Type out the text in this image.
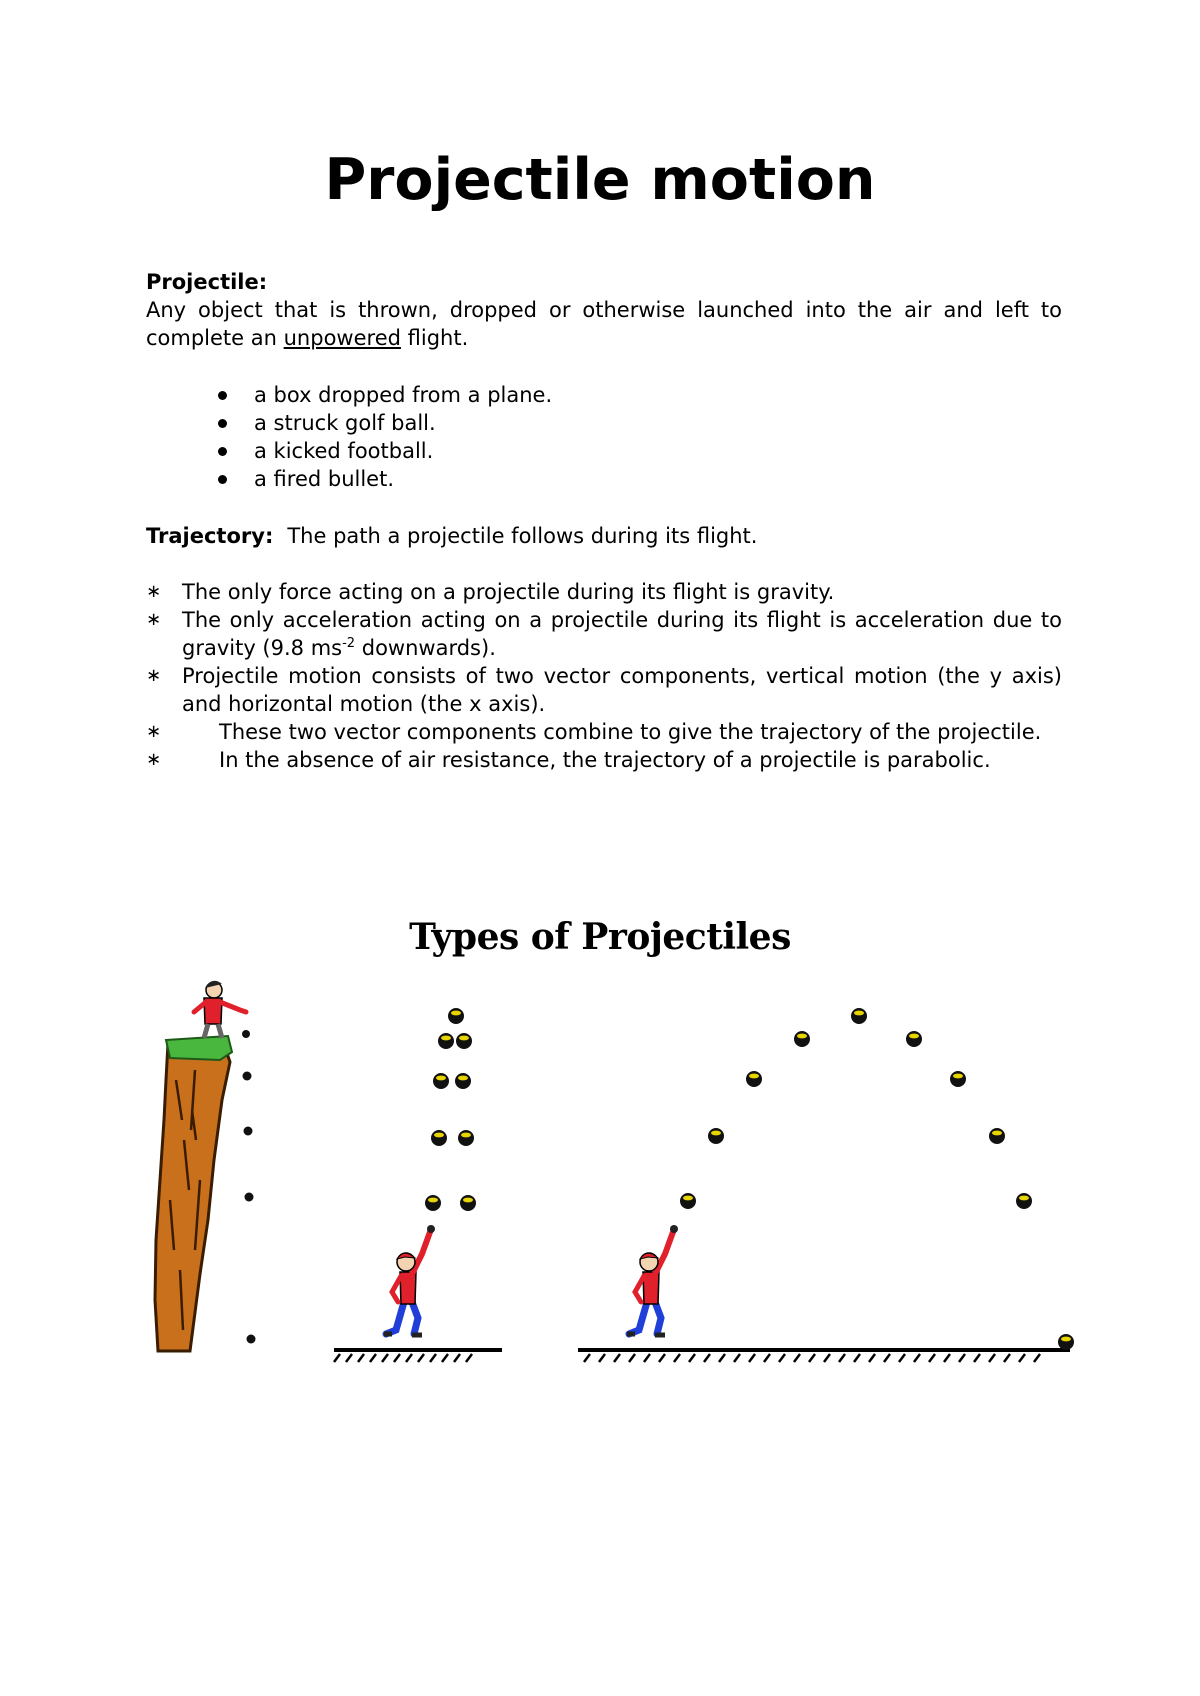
Projectile motion
Projectile:
Any object that is thrown, dropped or otherwise launched into the air and left to complete an unpowered flight.
a box dropped from a plane.
a struck golf ball.
a kicked football.
a fired bullet.
Trajectory: The path a projectile follows during its flight.
∗ The only force acting on a projectile during its flight is gravity.
∗ The only acceleration acting on a projectile during its flight is acceleration due to gravity (9.8 $ms^{-2}$ downwards).
∗ Projectile motion consists of two vector components, vertical motion (the y axis) and horizontal motion (the x axis).
∗	These two vector components combine to give the trajectory of the projectile.
∗	In the absence of air resistance, the trajectory of a projectile is parabolic.
Types of Projectiles
